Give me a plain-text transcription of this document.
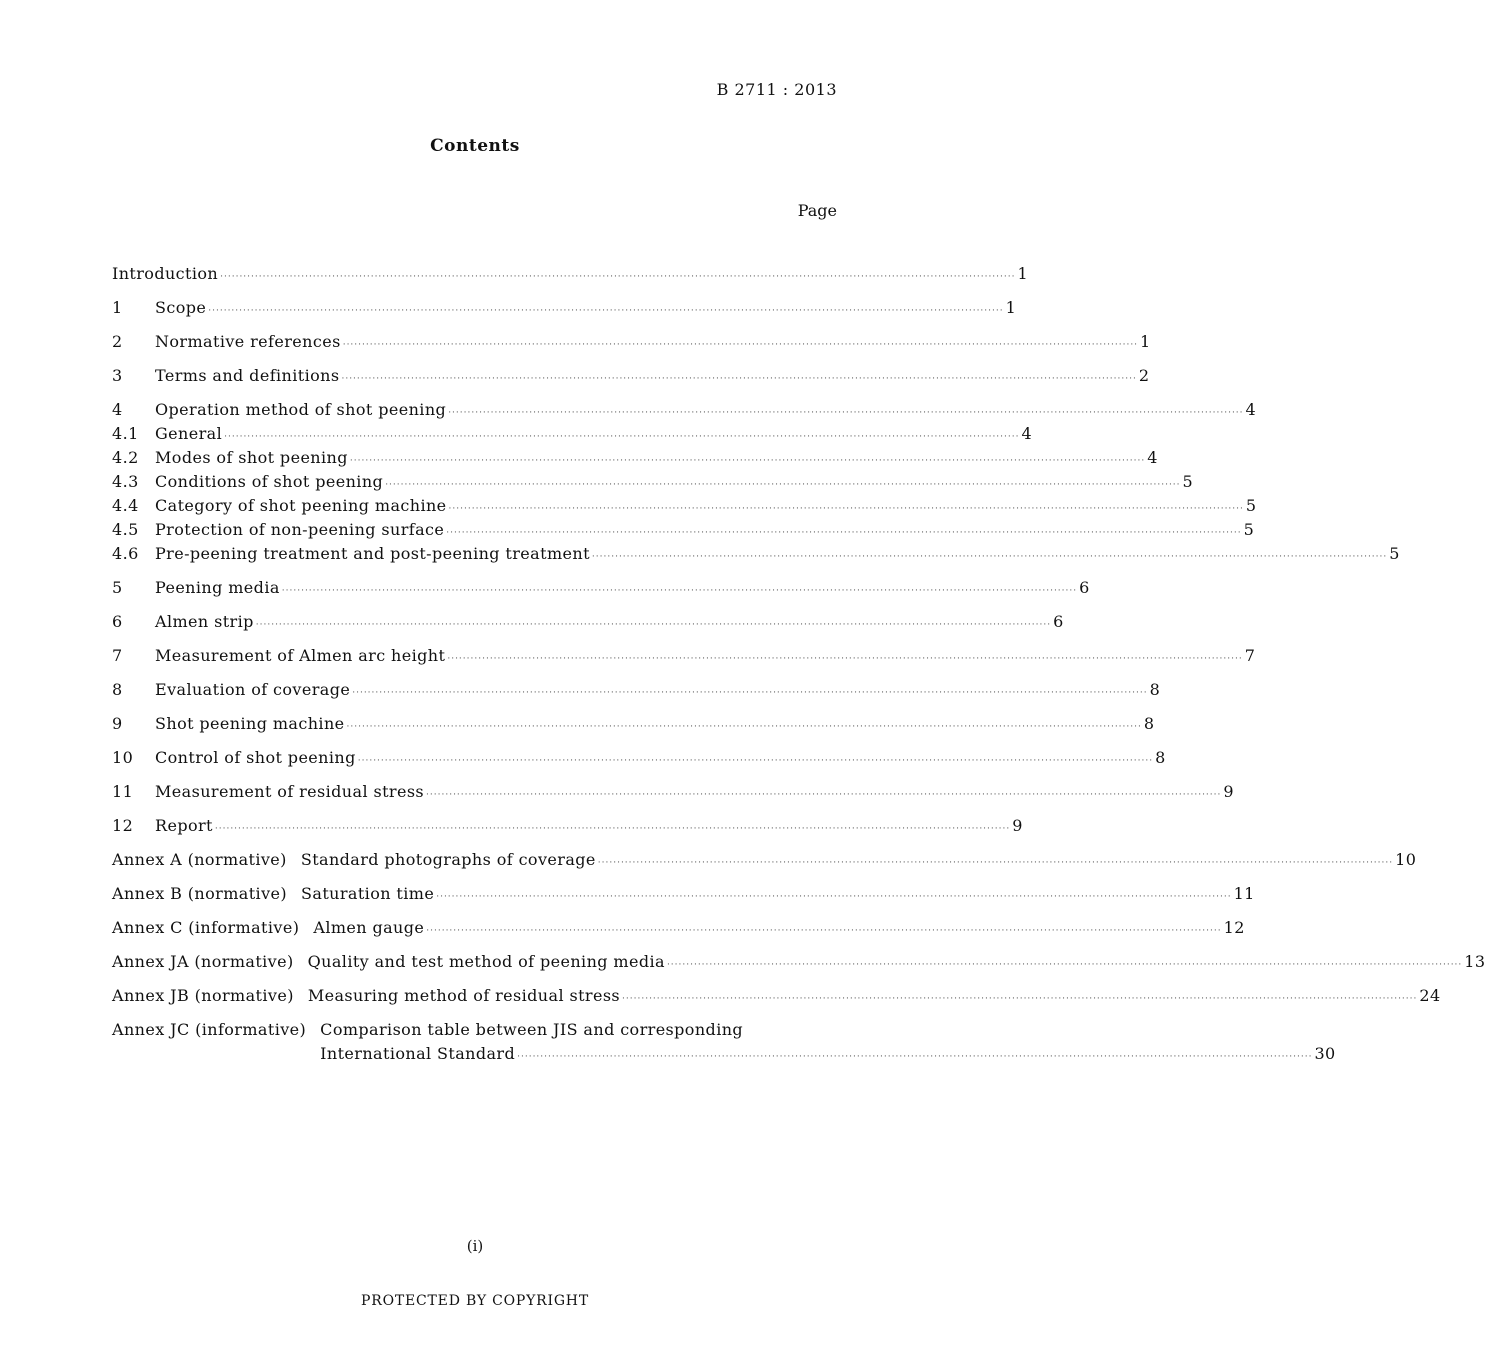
B 2711 : 2013
Contents
Page
Introduction ·····	1
1	Scope ·····	1
2	Normative references ·····	1
3	Terms and definitions ·····	2
4	Operation method of shot peening ·····	4
4.1	General ·····	4
4.2	Modes of shot peening ·····	4
4.3	Conditions of shot peening ·····	5
4.4	Category of shot peening machine ·····	5
4.5	Protection of non-peening surface ·····	5
4.6	Pre-peening treatment and post-peening treatment ·····	5
5	Peening media ·····	6
6	Almen strip ·····	6
7	Measurement of Almen arc height ·····	7
8	Evaluation of coverage ·····	8
9	Shot peening machine ·····	8
10	Control of shot peening ·····	8
11	Measurement of residual stress ·····	9
12	Report ·····	9
Annex A (normative) Standard photographs of coverage ·····	10
Annex B (normative) Saturation time ·····	11
Annex C (informative) Almen gauge ·····	12
Annex JA (normative) Quality and test method of peening media ·····	13
Annex JB (normative) Measuring method of residual stress ·····	24
Annex JC (informative) Comparison table between JIS and corresponding
International Standard ·····	30
(i)
PROTECTED BY COPYRIGHT
